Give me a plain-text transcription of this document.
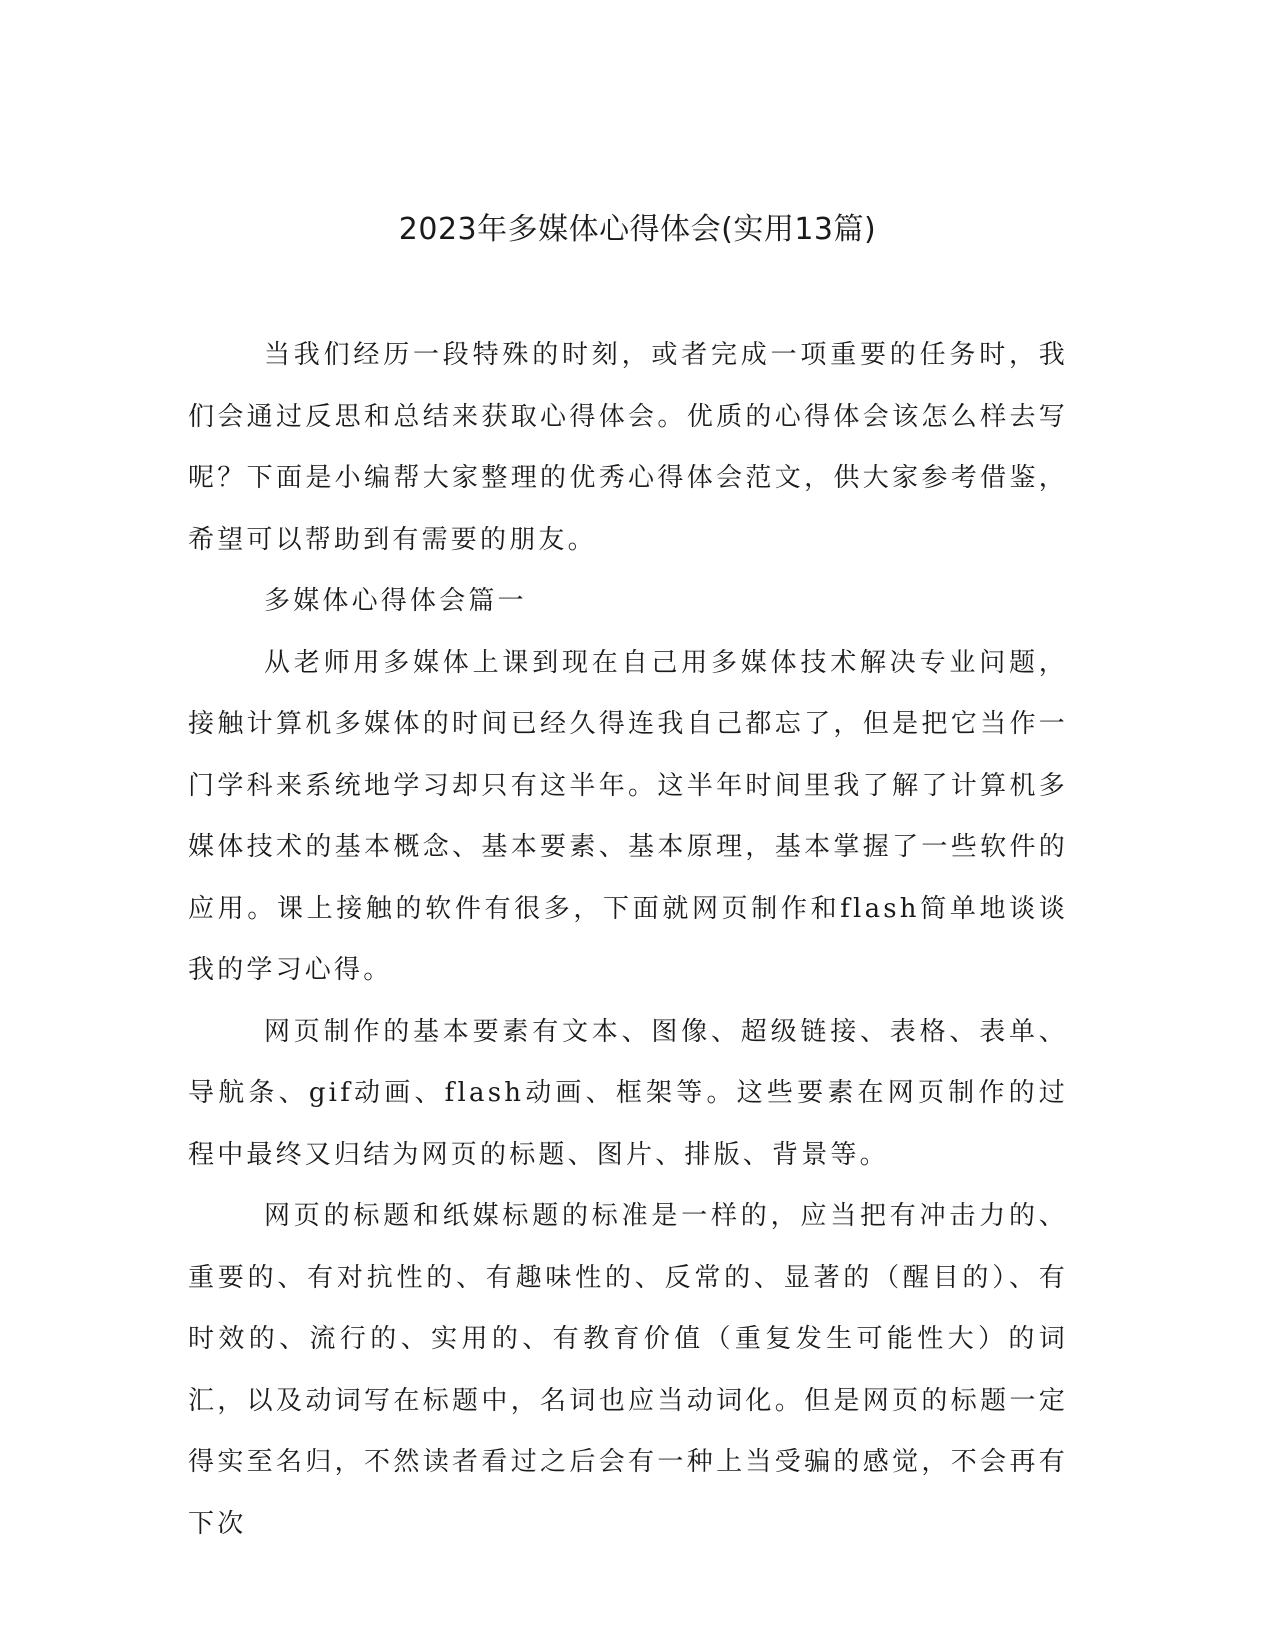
2023年多媒体心得体会(实用13篇)

当我们经历一段特殊的时刻，或者完成一项重要的任务时，我们会通过反思和总结来获取心得体会。优质的心得体会该怎么样去写呢？下面是小编帮大家整理的优秀心得体会范文，供大家参考借鉴，希望可以帮助到有需要的朋友。

多媒体心得体会篇一

从老师用多媒体上课到现在自己用多媒体技术解决专业问题，接触计算机多媒体的时间已经久得连我自己都忘了，但是把它当作一门学科来系统地学习却只有这半年。这半年时间里我了解了计算机多媒体技术的基本概念、基本要素、基本原理，基本掌握了一些软件的应用。课上接触的软件有很多，下面就网页制作和flash简单地谈谈我的学习心得。

网页制作的基本要素有文本、图像、超级链接、表格、表单、导航条、gif动画、flash动画、框架等。这些要素在网页制作的过程中最终又归结为网页的标题、图片、排版、背景等。

网页的标题和纸媒标题的标准是一样的，应当把有冲击力的、重要的、有对抗性的、有趣味性的、反常的、显著的（醒目的）、有时效的、流行的、实用的、有教育价值（重复发生可能性大）的词汇，以及动词写在标题中，名词也应当动词化。但是网页的标题一定得实至名归，不然读者看过之后会有一种上当受骗的感觉，不会再有下次
